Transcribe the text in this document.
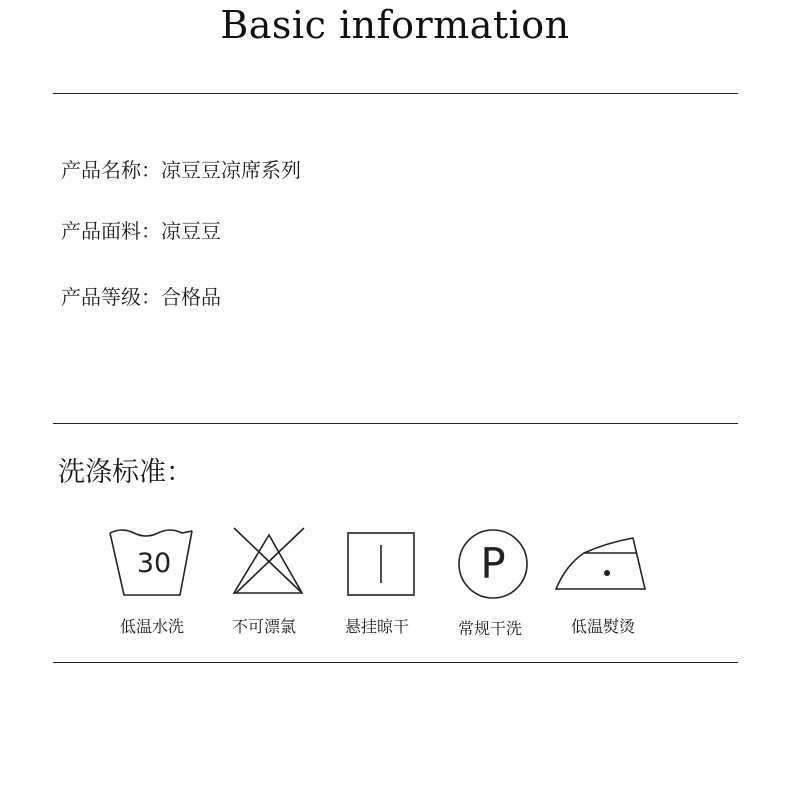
Basic information
产品名称：凉豆豆凉席系列
产品面料：凉豆豆
产品等级：合格品
洗涤标准：
30
低温水洗	不可漂氯	悬挂晾干
P
常规干洗	低温熨烫
